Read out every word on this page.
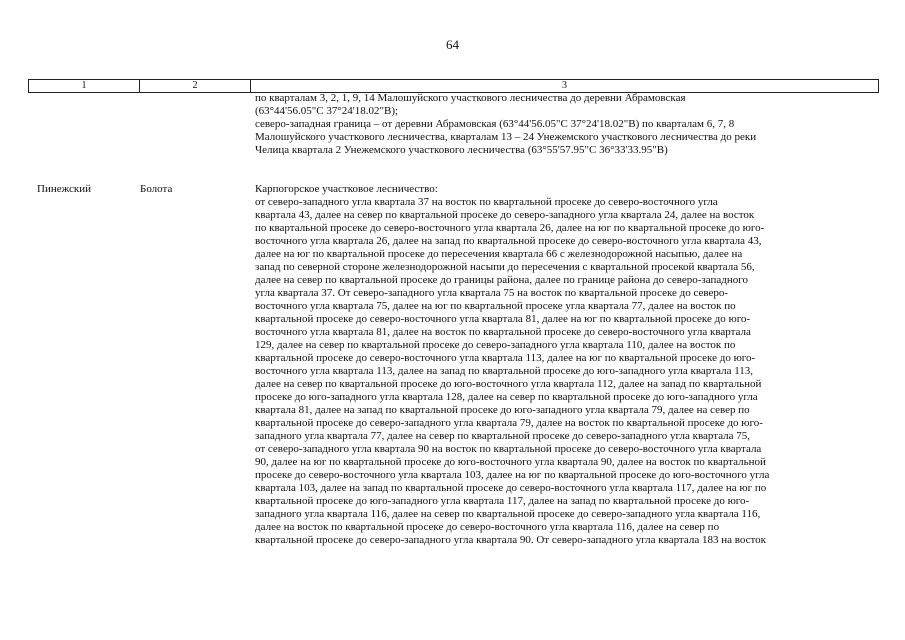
64
1	2	3
по кварталам 3, 2, 1, 9, 14 Малошуйского участкового лесничества до деревни Абрамовская
(63°44'56.05"С 37°24'18.02"В);
северо-западная граница – от деревни Абрамовская (63°44'56.05"С 37°24'18.02"В) по кварталам 6, 7, 8
Малошуйского участкового лесничества, кварталам 13 – 24 Унежемского участкового лесничества до реки
Челица квартала 2 Унежемского участкового лесничества (63°55'57.95"С 36°33'33.95"В)
Пинежский	Болота	Карпогорское участковое лесничество:
от северо-западного угла квартала 37 на восток по квартальной просеке до северо-восточного угла
квартала 43, далее на север по квартальной просеке до северо-западного угла квартала 24, далее на восток
по квартальной просеке до северо-восточного угла квартала 26, далее на юг по квартальной просеке до юго-
восточного угла квартала 26, далее на запад по квартальной просеке до северо-восточного угла квартала 43,
далее на юг по квартальной просеке до пересечения квартала 66 с железнодорожной насыпью, далее на
запад по северной стороне железнодорожной насыпи до пересечения с квартальной просекой квартала 56,
далее на север по квартальной просеке до границы района, далее по границе района до северо-западного
угла квартала 37. От северо-западного угла квартала 75 на восток по квартальной просеке до северо-
восточного угла квартала 75, далее на юг по квартальной просеке угла квартала 77, далее на восток по
квартальной просеке до северо-восточного угла квартала 81, далее на юг по квартальной просеке до юго-
восточного угла квартала 81, далее на восток по квартальной просеке до северо-восточного угла квартала
129, далее на север по квартальной просеке до северо-западного угла квартала 110, далее на восток по
квартальной просеке до северо-восточного угла квартала 113, далее на юг по квартальной просеке до юго-
восточного угла квартала 113, далее на запад по квартальной просеке до юго-западного угла квартала 113,
далее на север по квартальной просеке до юго-восточного угла квартала 112, далее на запад по квартальной
просеке до юго-западного угла квартала 128, далее на север по квартальной просеке до юго-западного угла
квартала 81, далее на запад по квартальной просеке до юго-западного угла квартала 79, далее на север по
квартальной просеке до северо-западного угла квартала 79, далее на восток по квартальной просеке до юго-
западного угла квартала 77, далее на север по квартальной просеке до северо-западного угла квартала 75,
от северо-западного угла квартала 90 на восток по квартальной просеке до северо-восточного угла квартала
90, далее на юг по квартальной просеке до юго-восточного угла квартала 90, далее на восток по квартальной
просеке до северо-восточного угла квартала 103, далее на юг по квартальной просеке до юго-восточного угла
квартала 103, далее на запад по квартальной просеке до северо-восточного угла квартала 117, далее на юг по
квартальной просеке до юго-западного угла квартала 117, далее на запад по квартальной просеке до юго-
западного угла квартала 116, далее на север по квартальной просеке до северо-западного угла квартала 116,
далее на восток по квартальной просеке до северо-восточного угла квартала 116, далее на север по
квартальной просеке до северо-западного угла квартала 90. От северо-западного угла квартала 183 на восток
